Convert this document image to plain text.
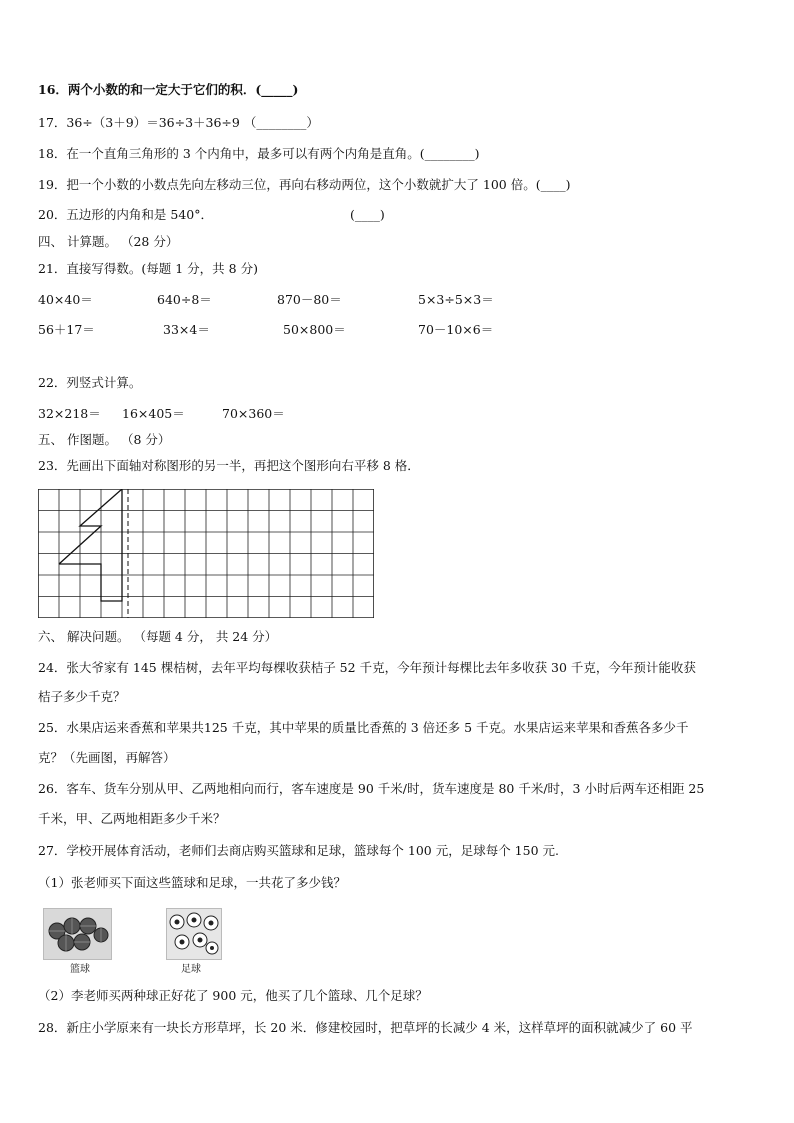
16．两个小数的和一定大于它们的积．(_____)
17．36÷（3＋9）＝36÷3＋36÷9 （________）
18．在一个直角三角形的 3 个内角中，最多可以有两个内角是直角。(________)
19．把一个小数的小数点先向左移动三位，再向右移动两位，这个小数就扩大了 100 倍。(____)
20．五边形的内角和是 540°．	(____)
四、 计算题。 （28 分）
21．直接写得数。(每题 1 分，共 8 分)
40×40＝	640÷8＝	870－80＝	5×3÷5×3＝
56＋17＝	33×4＝	50×800＝	70－10×6＝
22．列竖式计算。
32×218＝ 16×405＝	70×360＝
五、 作图题。 （8 分）
23．先画出下面轴对称图形的另一半，再把这个图形向右平移 8 格．
六、 解决问题。 （每题 4 分， 共 24 分）
24．张大爷家有 145 棵桔树，去年平均每棵收获桔子 52 千克，今年预计每棵比去年多收获 30 千克，今年预计能收获
桔子多少千克？
25．水果店运来香蕉和苹果共125 千克，其中苹果的质量比香蕉的 3 倍还多 5 千克。水果店运来苹果和香蕉各多少千
克？（先画图，再解答）
26．客车、货车分别从甲、乙两地相向而行，客车速度是 90 千米/时，货车速度是 80 千米/时，3 小时后两车还相距 25
千米，甲、乙两地相距多少千米？
27．学校开展体育活动，老师们去商店购买篮球和足球，篮球每个 100 元，足球每个 150 元.
（1）张老师买下面这些篮球和足球，一共花了多少钱？
篮球	足球
（2）李老师买两种球正好花了 900 元，他买了几个篮球、几个足球？
28．新庄小学原来有一块长方形草坪，长 20 米．修建校园时，把草坪的长减少 4 米，这样草坪的面积就减少了 60 平
